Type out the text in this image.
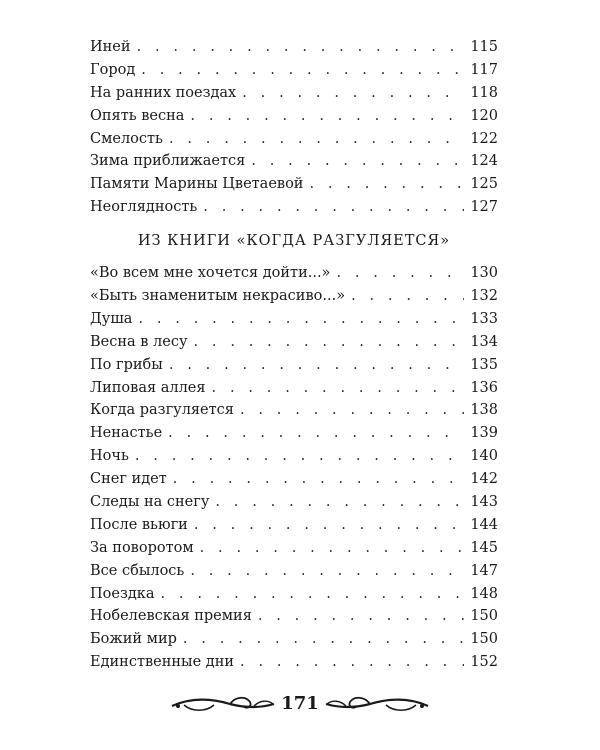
Иней . . .	115
Город . . .	117
На ранних поездах . . .	118
Опять весна . . .	120
Смелость . . .	122
Зима приближается . . .	124
Памяти Марины Цветаевой . . .	125
Неоглядность . . .	127
ИЗ КНИГИ «КОГДА РАЗГУЛЯЕТСЯ»
«Во всем мне хочется дойти...» . . .	130
«Быть знаменитым некрасиво...» . . .	132
Душа . . .	133
Весна в лесу . . .	134
По грибы . . .	135
Липовая аллея . . .	136
Когда разгуляется . . .	138
Ненастье . . .	139
Ночь . . .	140
Снег идет . . .	142
Следы на снегу . . .	143
После вьюги . . .	144
За поворотом . . .	145
Все сбылось . . .	147
Поездка . . .	148
Нобелевская премия . . .	150
Божий мир . . .	150
Единственные дни . . .	152
171
